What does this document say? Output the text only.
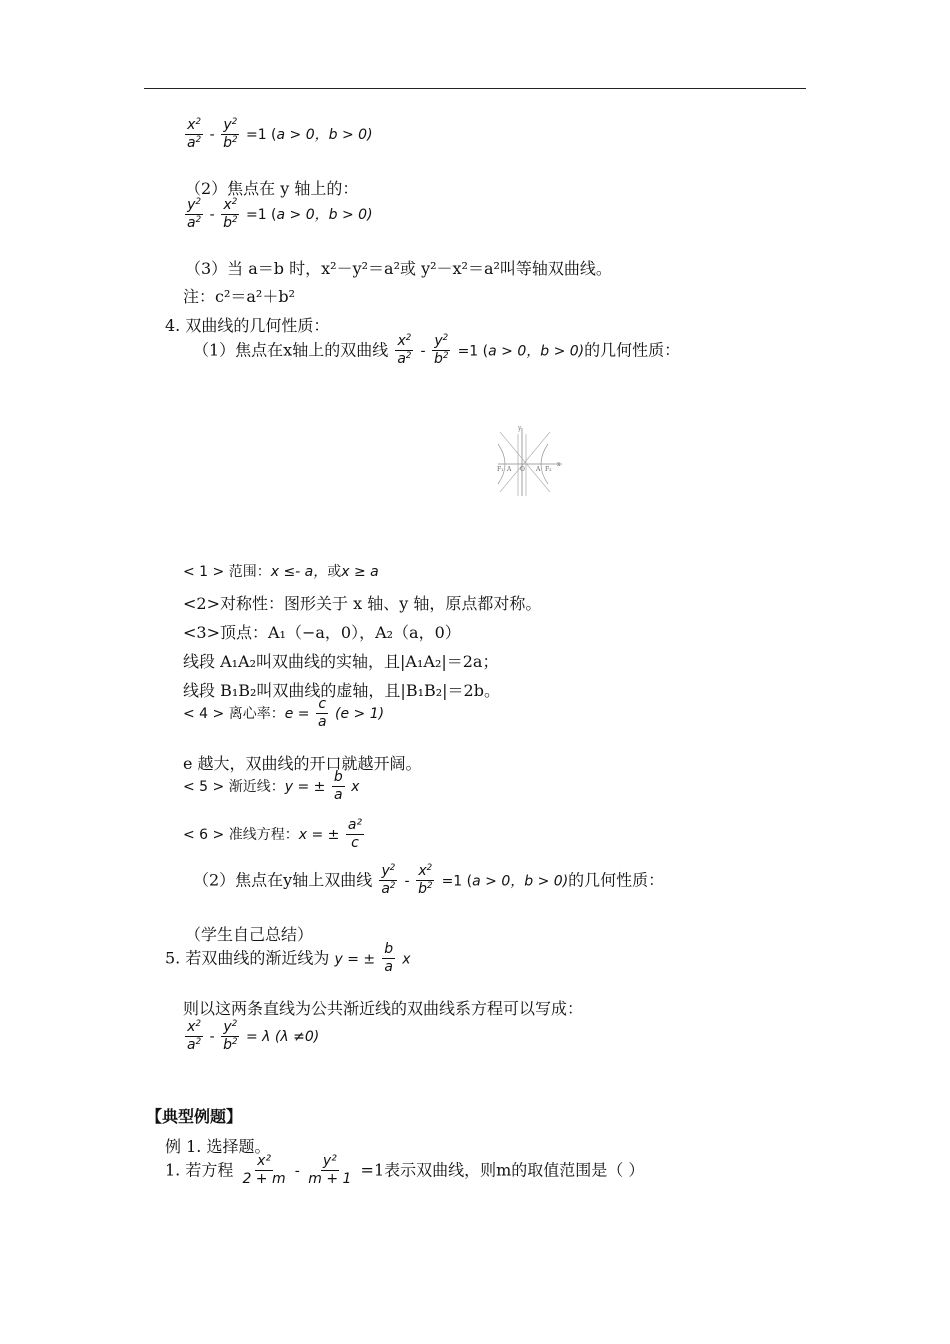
$\frac{x^2}{a^2} - \frac{y^2}{b^2} =1$ (a > 0，b > 0)
（2）焦点在 y 轴上的：
$\frac{y^2}{a^2} - \frac{x^2}{b^2} =1$ (a > 0，b > 0)
（3）当 a＝b 时，x²－y²＝a²或 y²－x²＝a²叫等轴双曲线。
注：c²＝a²＋b²
4. 双曲线的几何性质：
（1）焦点在x轴上的双曲线 $\frac{x^2}{a^2} - \frac{y^2}{b^2} =1$ (a > 0，b > 0)的几何性质：
F₁ A O A F₂
x
y
< 1 > 范围：x ≤- a，或x ≥ a
<2>对称性：图形关于 x 轴、y 轴，原点都对称。
<3>顶点：A₁（−a，0），A₂（a，0）
线段 A₁A₂叫双曲线的实轴，且|A₁A₂|＝2a；
线段 B₁B₂叫双曲线的虚轴，且|B₁B₂|＝2b。
< 4 > 离心率：$e = \frac{c}{a} (e > 1)$
e 越大，双曲线的开口就越开阔。
< 5 > 渐近线：y = ± $\frac{b}{a}$ x
< 6 > 准线方程：x = ± $\frac{\text{a²}}{c}$
（2）焦点在y轴上双曲线 $\frac{y^2}{a^2} - \frac{x^2}{b^2} =1$ (a > 0，b > 0)的几何性质：
（学生自己总结）
5. 若双曲线的渐近线为 y = ± $\frac{b}{a}$ x
则以这两条直线为公共渐近线的双曲线系方程可以写成：
$\frac{x^2}{a^2} - \frac{y^2}{b^2} = \lambda$ (λ ≠0)
【典型例题】
例 1. 选择题。
1. 若方程 $\frac{\text{x²}}{2 + m} - \frac{\text{y²}}{m + 1} =1$表示双曲线，则m的取值范围是（ ）
